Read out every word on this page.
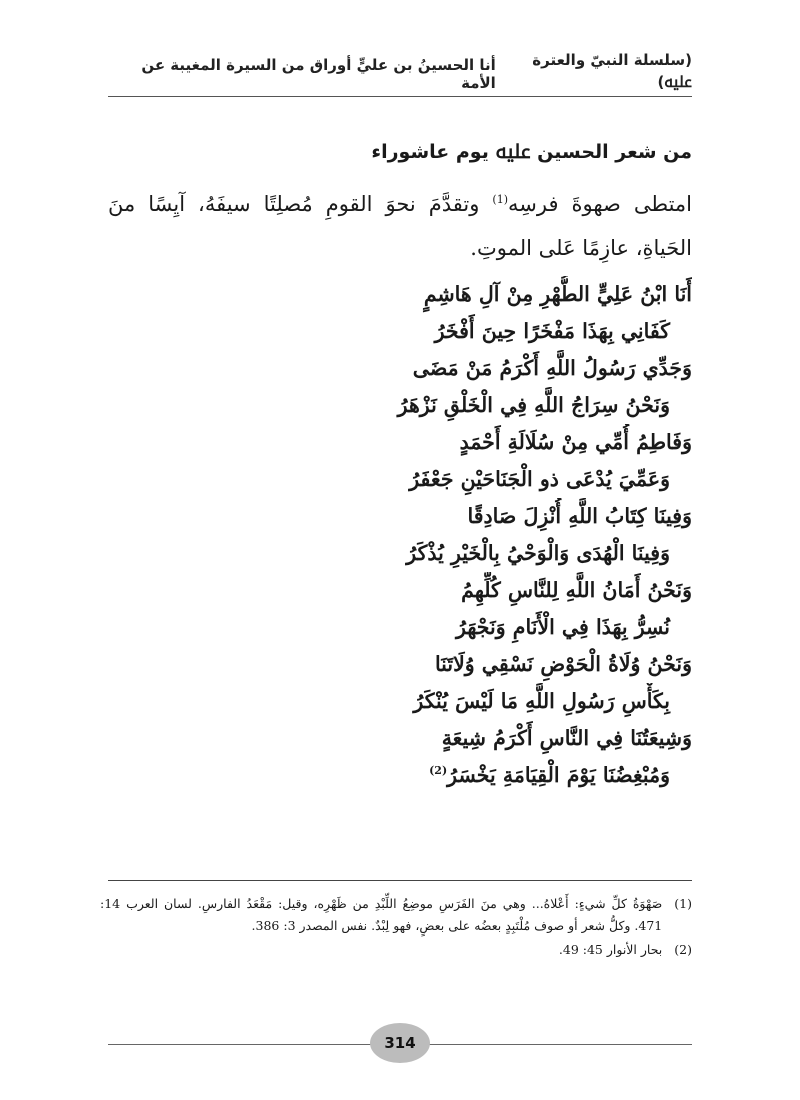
(سلسلة النبيّ والعترة ﷷ)
أنا الحسينُ بن عليٍّ أوراق من السيرة المغيبة عن الأمة
من شعر الحسين ﷷ يوم عاشوراء

امتطى صهوةَ فرسِه$^{(1)}$ وتقدَّمَ نحوَ القومِ مُصلِتًا سيفَهُ، آيِسًا منَ الحَياةِ، عازِمًا عَلى الموتِ.

أَنَا ابْنُ عَلِيٍّ الطُّهْرِ مِنْ آلِ هَاشِمٍ
كَفَانِي بِهَذَا مَفْخَرًا حِينَ أَفْخَرُ
وَجَدِّي رَسُولُ اللَّهِ أَكْرَمُ مَنْ مَضَى
وَنَحْنُ سِرَاجُ اللَّهِ فِي الْخَلْقِ نَزْهَرُ
وَفَاطِمُ أُمِّي مِنْ سُلَالَةِ أَحْمَدٍ
وَعَمِّيَ يُدْعَى ذو الْجَنَاحَيْنِ جَعْفَرُ
وَفِينَا كِتَابُ اللَّهِ أُنْزِلَ صَادِقًا
وَفِينَا الْهُدَى وَالْوَحْيُ بِالْخَيْرِ يُذْكَرُ
وَنَحْنُ أَمَانُ اللَّهِ لِلنَّاسِ كُلِّهِمُ
نُسِرُّ بِهَذَا فِي الْأَنَامِ وَنَجْهَرُ
وَنَحْنُ وُلَاةُ الْحَوْضِ نَسْقِي وُلَاتَنَا
بِكَأْسِ رَسُولِ اللَّهِ مَا لَيْسَ يُنْكَرُ
وَشِيعَتُنَا فِي النَّاسِ أَكْرَمُ شِيعَةٍ
وَمُبْغِضُنَا يَوْمَ الْقِيَامَةِ يَخْسَرُ$^{(2)}$
(1)
صَهْوَةُ كلِّ شيءٍ: أَعْلاهُ... وهي منَ الفَرَسِ موضِعُ اللِّبْدِ من ظَهْرِه، وقيل: مَقْعَدُ الفارسِ. لسان العرب 14: 471. وكلُّ شعر أو صوف مُلْتَبِدٍ بعضُه على بعضٍ، فهو لِبْدٌ. نفس المصدر 3: 386.
(2)
بحار الأنوار 45: 49.
314
